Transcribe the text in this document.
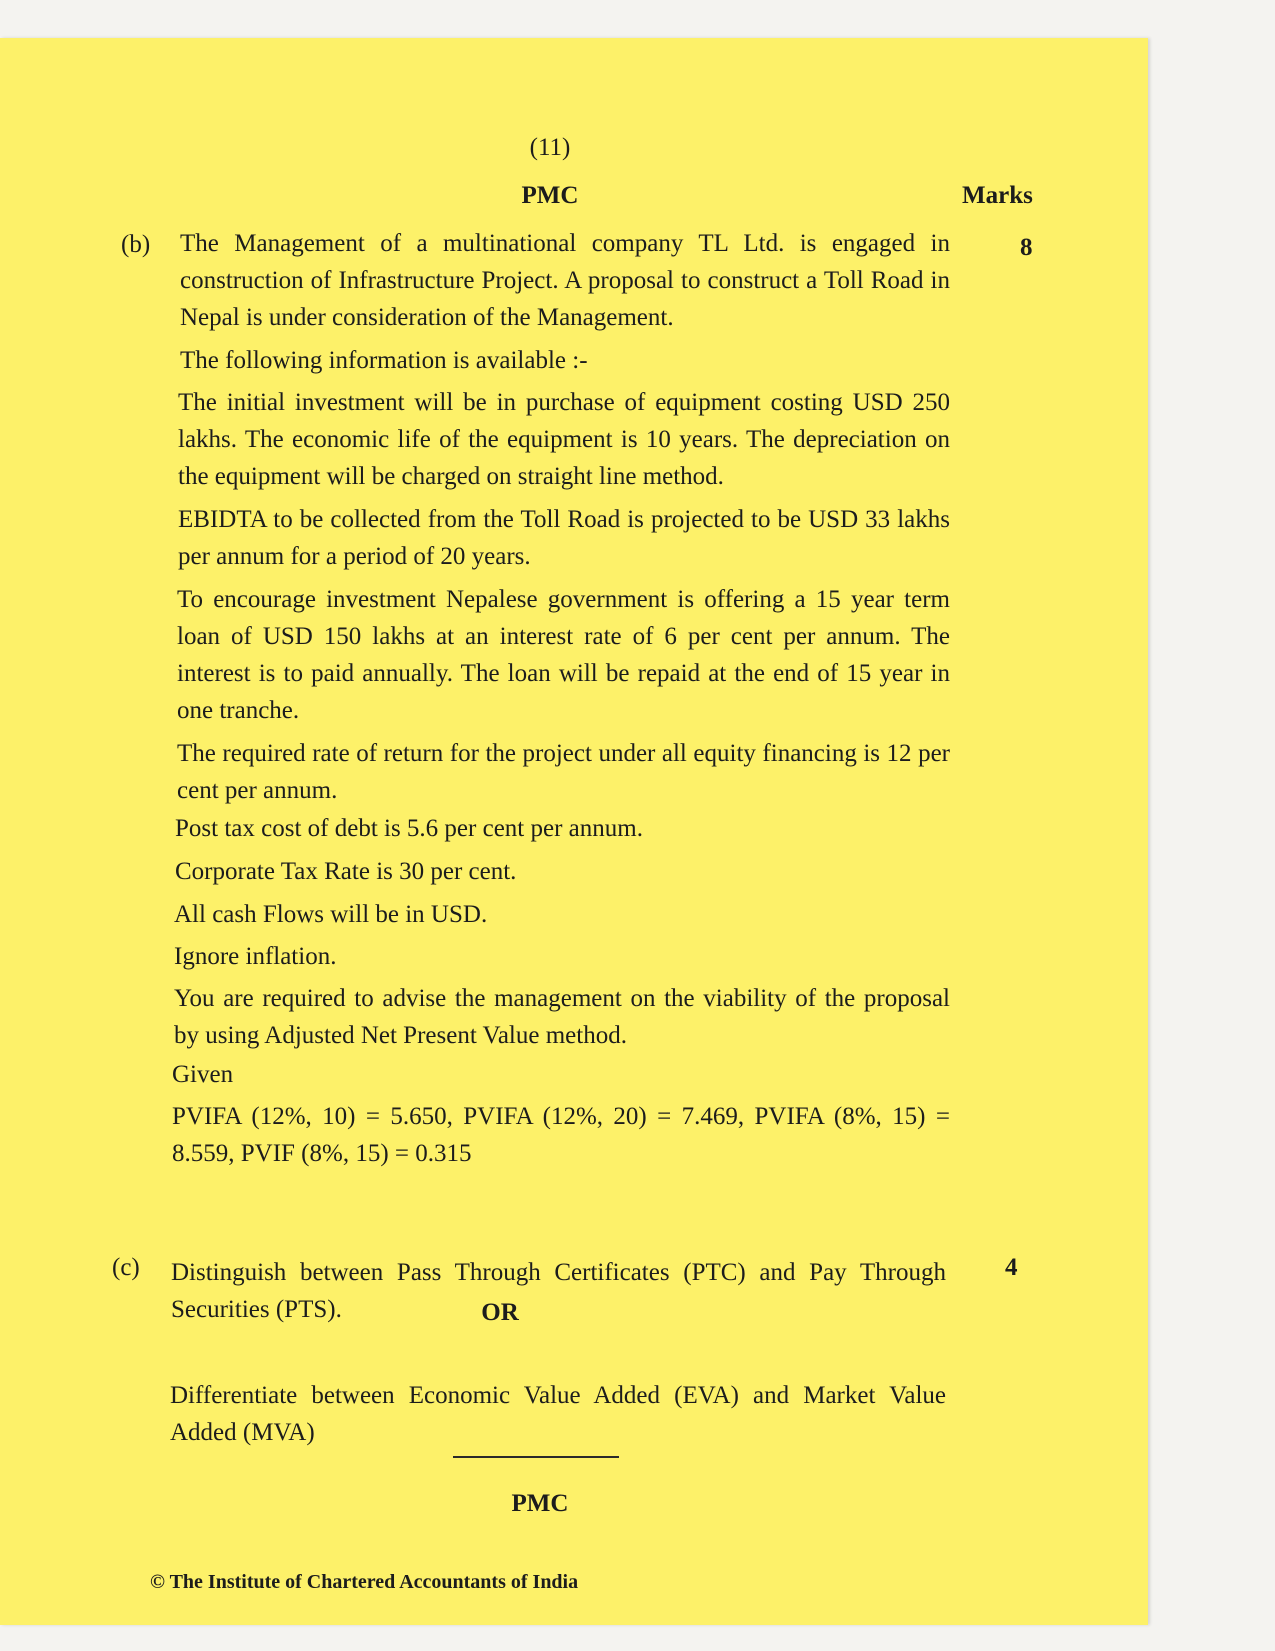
(11)
PMC	Marks
(b)	8
The Management of a multinational company TL Ltd. is engaged in construction of Infrastructure Project. A proposal to construct a Toll Road in Nepal is under consideration of the Management.
The following information is available :-
The initial investment will be in purchase of equipment costing USD 250 lakhs. The economic life of the equipment is 10 years. The depreciation on the equipment will be charged on straight line method.
EBIDTA to be collected from the Toll Road is projected to be USD 33 lakhs per annum for a period of 20 years.
To encourage investment Nepalese government is offering a 15 year term loan of USD 150 lakhs at an interest rate of 6 per cent per annum. The interest is to paid annually. The loan will be repaid at the end of 15 year in one tranche.
The required rate of return for the project under all equity financing is 12 per cent per annum.
Post tax cost of debt is 5.6 per cent per annum.
Corporate Tax Rate is 30 per cent.
All cash Flows will be in USD.
Ignore inflation.
You are required to advise the management on the viability of the proposal by using Adjusted Net Present Value method.
Given
PVIFA (12%, 10) = 5.650, PVIFA (12%, 20) = 7.469, PVIFA (8%, 15) = 8.559, PVIF (8%, 15) = 0.315
(c)	4
Distinguish between Pass Through Certificates (PTC) and Pay Through Securities (PTS).	OR
Differentiate between Economic Value Added (EVA) and Market Value Added (MVA)
PMC
© The Institute of Chartered Accountants of India
